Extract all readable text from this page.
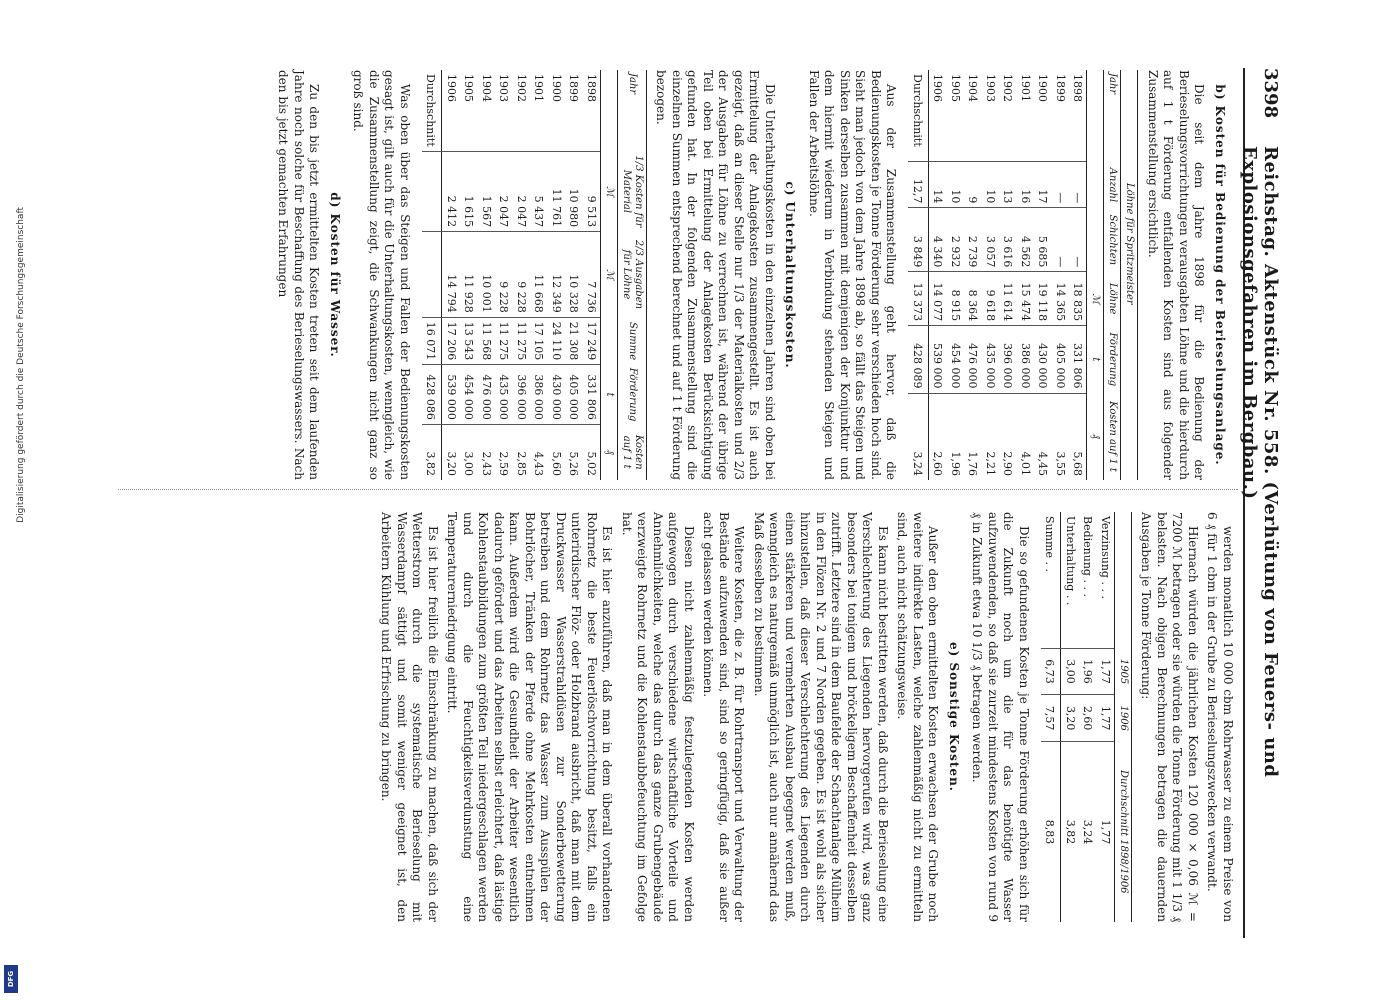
3398
Reichstag. Aktenstück Nr. 558. (Verhütung von Feuers- und Explosionsgefahren im Bergbau.)
b) Kosten für Bedienung der Berieselungsanlage.

Die seit dem Jahre 1898 für die Bedienung der Berieselungsvorrichtungen verausgabten Löhne und die hierdurch auf 1 t Förderung entfallenden Kosten sind aus folgender Zusammenstellung ersichtlich.

	Löhne für Spritzmeister				
Jahr	Anzahl	Schichten	Löhne	Förderung	Kosten auf 1 t
			ℳ	t	₰
1898	—	—	18 835	331 806	5,68
1899	—	—	14 365	405 000	3,55
1900	17	5 685	19 118	430 000	4,45
1901	16	4 562	15 474	386 000	4,01
1902	13	3 616	11 614	396 000	2,90
1903	10	3 057	9 618	435 000	2,21
1904	9	2 739	8 364	476 000	1,76
1905	10	2 932	8 915	454 000	1,96
1906	14	4 340	14 077	539 000	2,60
Durchschnitt	12,7	3 849	13 373	428 089	3,24

Aus der Zusammenstellung geht hervor, daß die Bedienungskosten je Tonne Förderung sehr verschieden hoch sind. Sieht man jedoch von dem Jahre 1898 ab, so fällt das Steigen und Sinken derselben zusammen mit demjenigen der Konjunktur und dem hiermit wiederum in Verbindung stehenden Steigen und Fallen der Arbeitslöhne.

c) Unterhaltungskosten.

Die Unterhaltungskosten in den einzelnen Jahren sind oben bei Ermittelung der Anlagekosten zusammengestellt. Es ist auch gezeigt, daß an dieser Stelle nur 1/3 der Materialkosten und 2/3 der Ausgaben für Löhne zu verrechnen ist, während der übrige Teil oben bei Ermittelung der Anlagekosten Berücksichtigung gefunden hat. In der folgenden Zusammenstellung sind die einzelnen Summen entsprechend berechnet und auf 1 t Förderung bezogen.

Jahr	1/3 Kosten für Material	2/3 Ausgaben für Löhne	Summe	Förderung	Kosten auf 1 t
	ℳ	ℳ		t	₰
1898	9 513	7 736	17 249	331 806	5,02
1899	10 980	10 328	21 308	405 000	5,26
1900	11 761	12 349	24 110	430 000	5,60
1901	5 437	11 668	17 105	386 000	4,43
1902	2 047	9 228	11 275	396 000	2,85
1903	2 047	9 228	11 275	435 000	2,59
1904	1 567	10 001	11 568	476 000	2,43
1905	1 615	11 928	13 543	454 000	3,00
1906	2 412	14 794	17 206	539 000	3,20
Durchschnitt			16 071	428 086	3,82

Was oben über das Steigen und Fallen der Bedienungskosten gesagt ist, gilt auch für die Unterhaltungskosten, wenngleich, wie die Zusammenstellung zeigt, die Schwankungen nicht ganz so groß sind.

d) Kosten für Wasser.

Zu den bis jetzt ermittelten Kosten treten seit dem laufenden Jahre noch solche für Beschaffung des Berieselungswassers. Nach den bis jetzt gemachten Erfahrungen

werden monatlich 10 000 cbm Rohrwasser zu einem Preise von 6 ₰ für 1 cbm in der Grube zu Berieselungszwecken verwandt.

Hiernach würden die jährlichen Kosten 120 000 × 0,06 ℳ = 7200 ℳ betragen oder sie würden die Tonne Förderung mit 1 1/3 ₰ belasten. Nach obigen Berechnungen betragen die dauernden Ausgaben je Tonne Förderung:

	1905	1906	Durchschnitt 1898/1906
Verzinsung . . .	1,77	1,77	1,77
Bedienung . . .	1,96	2,60	3,24
Unterhaltung . .	3,00	3,20	3,82
Summe . .	6,73	7,57	8,83

Die so gefundenen Kosten je Tonne Förderung erhöhen sich für die Zukunft noch um die für das benötigte Wasser aufzuwendenden, so daß sie zurzeit mindestens Kosten von rund 9 ₰ in Zukunft etwa 10 1/3 ₰ betragen werden.

e) Sonstige Kosten.

Außer den oben ermittelten Kosten erwachsen der Grube noch weitere indirekte Lasten, welche zahlenmäßig nicht zu ermitteln sind, auch nicht schätzungsweise.

Es kann nicht bestritten werden, daß durch die Berieselung eine Verschlechterung des Liegenden hervorgerufen wird, was ganz besonders bei tonigem und bröckeligem Beschaffenheit desselben zutrifft. Letztere sind in dem Baufelde der Schachtanlage Mülheim in den Flözen Nr. 2 und 7 Norden gegeben. Es ist wohl als sicher hinzustellen, daß dieser Verschlechterung des Liegenden durch einen stärkeren und vermehrten Ausbau begegnet werden muß, wenngleich es naturgemäß unmöglich ist, auch nur annähernd das Maß desselben zu bestimmen.

Weitere Kosten, die z. B. für Rohrtransport und Verwaltung der Bestände aufzuwenden sind, sind so geringfügig, daß sie außer acht gelassen werden können.

Diesen nicht zahlenmäßig festzulegenden Kosten werden aufgewogen durch verschiedene wirtschaftliche Vorteile und Annehmlichkeiten, welche das durch das ganze Grubengebäude verzweigte Rohrnetz und die Kohlenstaubbefeuchtung im Gefolge hat.

Es ist hier anzuführen, daß man in dem überall vorhandenen Rohrnetz die beste Feuerlöschvorrichtung besitzt, falls ein unterirdischer Flöz- oder Holzbrand ausbricht, daß man mit dem Druckwasser Wasserstrahldüsen zur Sonderbewetterung betreiben und dem Rohrnetz das Wasser zum Ausspülen der Bohrlöcher, Tränken der Pferde ohne Mehrkosten entnehmen kann. Außerdem wird die Gesundheit der Arbeiter wesentlich dadurch gefördert und das Arbeiten selbst erleichtert, daß lästige Kohlenstaubbildungen zum größten Teil niedergeschlagen werden und durch die Feuchtigkeitsverdunstung eine Temperaturerniedrigung eintritt.

Es ist hier freilich die Einschränkung zu machen, daß sich der Wetterstrom durch die systematische Berieselung mit Wasserdampf sättigt und somit weniger geeignet ist, den Arbeitern Kühlung und Erfrischung zu bringen.

Digitalisierung gefördert durch die Deutsche Forschungsgemeinschaft
DFG
